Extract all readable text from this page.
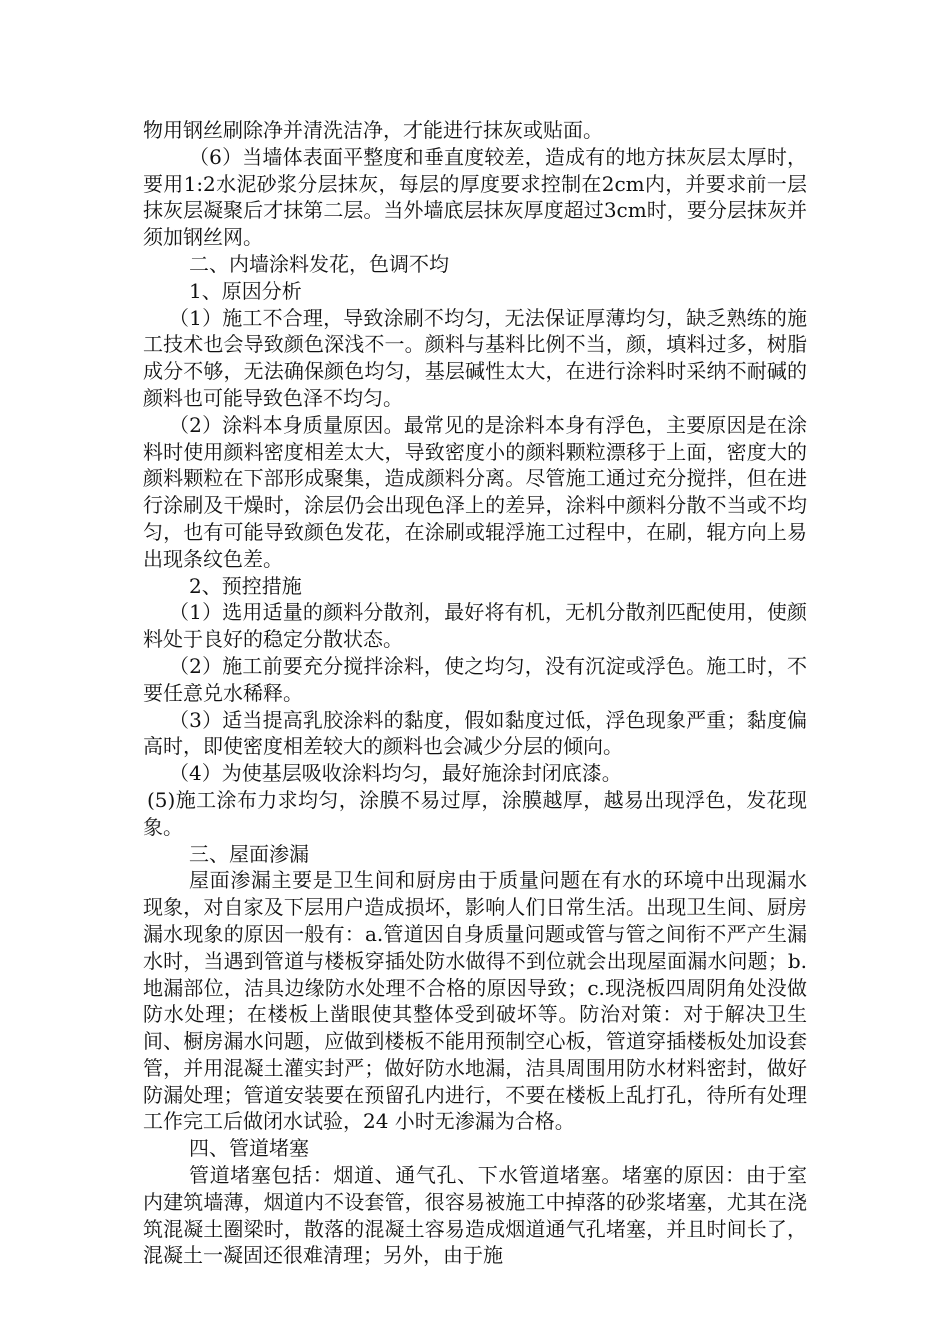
物用钢丝刷除净并清洗洁净，才能进行抹灰或贴面。

（6）当墙体表面平整度和垂直度较差，造成有的地方抹灰层太厚时，要用1:2水泥砂浆分层抹灰，每层的厚度要求控制在2cm内，并要求前一层抹灰层凝聚后才抹第二层。当外墙底层抹灰厚度超过3cm时，要分层抹灰并须加钢丝网。

二、内墙涂料发花，色调不均

1、原因分析

（1）施工不合理，导致涂刷不均匀，无法保证厚薄均匀，缺乏熟练的施工技术也会导致颜色深浅不一。颜料与基料比例不当，颜，填料过多，树脂成分不够，无法确保颜色均匀，基层碱性太大，在进行涂料时采纳不耐碱的颜料也可能导致色泽不均匀。

（2）涂料本身质量原因。最常见的是涂料本身有浮色，主要原因是在涂料时使用颜料密度相差太大，导致密度小的颜料颗粒漂移于上面，密度大的颜料颗粒在下部形成聚集，造成颜料分离。尽管施工通过充分搅拌，但在进行涂刷及干燥时，涂层仍会出现色泽上的差异，涂料中颜料分散不当或不均匀，也有可能导致颜色发花，在涂刷或辊浮施工过程中，在刷，辊方向上易出现条纹色差。

2、预控措施

（1）选用适量的颜料分散剂，最好将有机，无机分散剂匹配使用，使颜料处于良好的稳定分散状态。

（2）施工前要充分搅拌涂料，使之均匀，没有沉淀或浮色。施工时，不要任意兑水稀释。

（3）适当提高乳胶涂料的黏度，假如黏度过低，浮色现象严重；黏度偏高时，即使密度相差较大的颜料也会减少分层的倾向。

（4）为使基层吸收涂料均匀，最好施涂封闭底漆。

(5)施工涂布力求均匀，涂膜不易过厚，涂膜越厚，越易出现浮色，发花现象。

三、屋面渗漏

屋面渗漏主要是卫生间和厨房由于质量问题在有水的环境中出现漏水现象，对自家及下层用户造成损坏，影响人们日常生活。出现卫生间、厨房漏水现象的原因一般有：a.管道因自身质量问题或管与管之间衔不严产生漏水时，当遇到管道与楼板穿插处防水做得不到位就会出现屋面漏水问题；b.地漏部位，洁具边缘防水处理不合格的原因导致；c.现浇板四周阴角处没做防水处理；在楼板上凿眼使其整体受到破坏等。防治对策：对于解决卫生间、橱房漏水问题，应做到楼板不能用预制空心板，管道穿插楼板处加设套管，并用混凝土灌实封严；做好防水地漏，洁具周围用防水材料密封，做好防漏处理；管道安装要在预留孔内进行，不要在楼板上乱打孔，待所有处理工作完工后做闭水试验，24 小时无渗漏为合格。

四、管道堵塞

管道堵塞包括：烟道、通气孔、下水管道堵塞。堵塞的原因：由于室内建筑墙薄，烟道内不设套管，很容易被施工中掉落的砂浆堵塞，尤其在浇筑混凝土圈梁时，散落的混凝土容易造成烟道通气孔堵塞，并且时间长了，混凝土一凝固还很难清理；另外，由于施
